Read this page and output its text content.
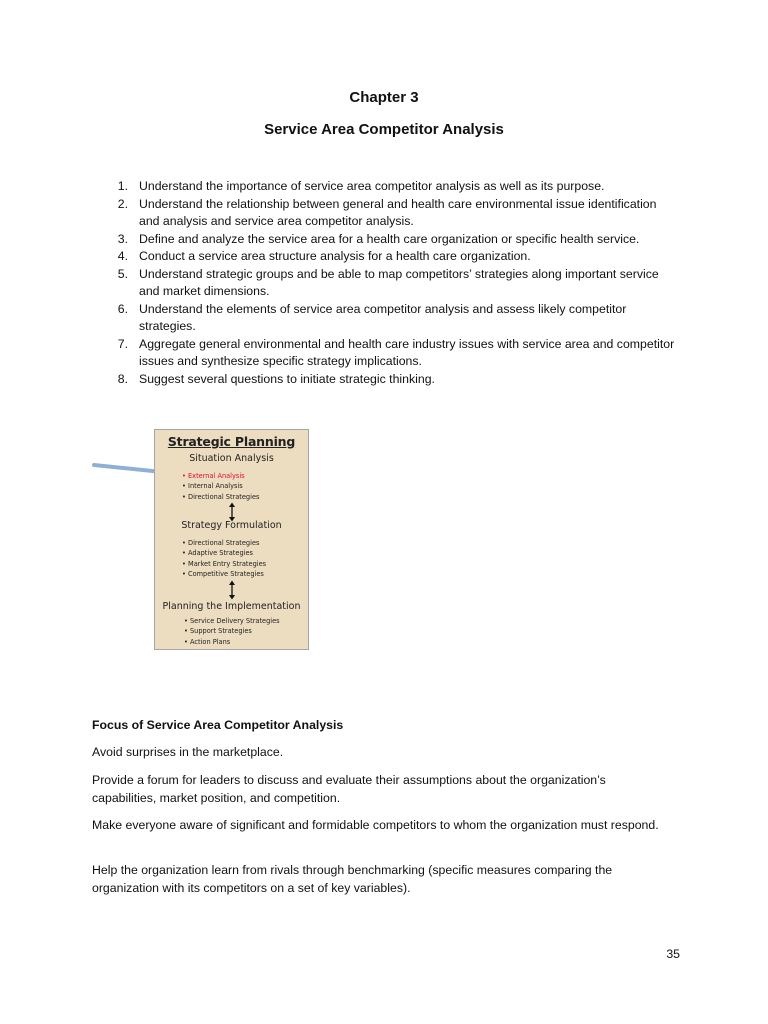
Chapter 3
Service Area Competitor Analysis
1. Understand the importance of service area competitor analysis as well as its purpose.
2. Understand the relationship between general and health care environmental issue identification and analysis and service area competitor analysis.
3. Define and analyze the service area for a health care organization or specific health service.
4. Conduct a service area structure analysis for a health care organization.
5. Understand strategic groups and be able to map competitors’ strategies along important service and market dimensions.
6. Understand the elements of service area competitor analysis and assess likely competitor strategies.
7. Aggregate general environmental and health care industry issues with service area and competitor issues and synthesize specific strategy implications.
8. Suggest several questions to initiate strategic thinking.
Strategic Planning
Situation Analysis
• External Analysis
• Internal Analysis
• Directional Strategies
Strategy Formulation
• Directional Strategies
• Adaptive Strategies
• Market Entry Strategies
• Competitive Strategies
Planning the Implementation
• Service Delivery Strategies
• Support Strategies
• Action Plans

Focus of Service Area Competitor Analysis

Avoid surprises in the marketplace.

Provide a forum for leaders to discuss and evaluate their assumptions about the organization’s capabilities, market position, and competition.

Make everyone aware of significant and formidable competitors to whom the organization must respond.

Help the organization learn from rivals through benchmarking (specific measures comparing the organization with its competitors on a set of key variables).

35
